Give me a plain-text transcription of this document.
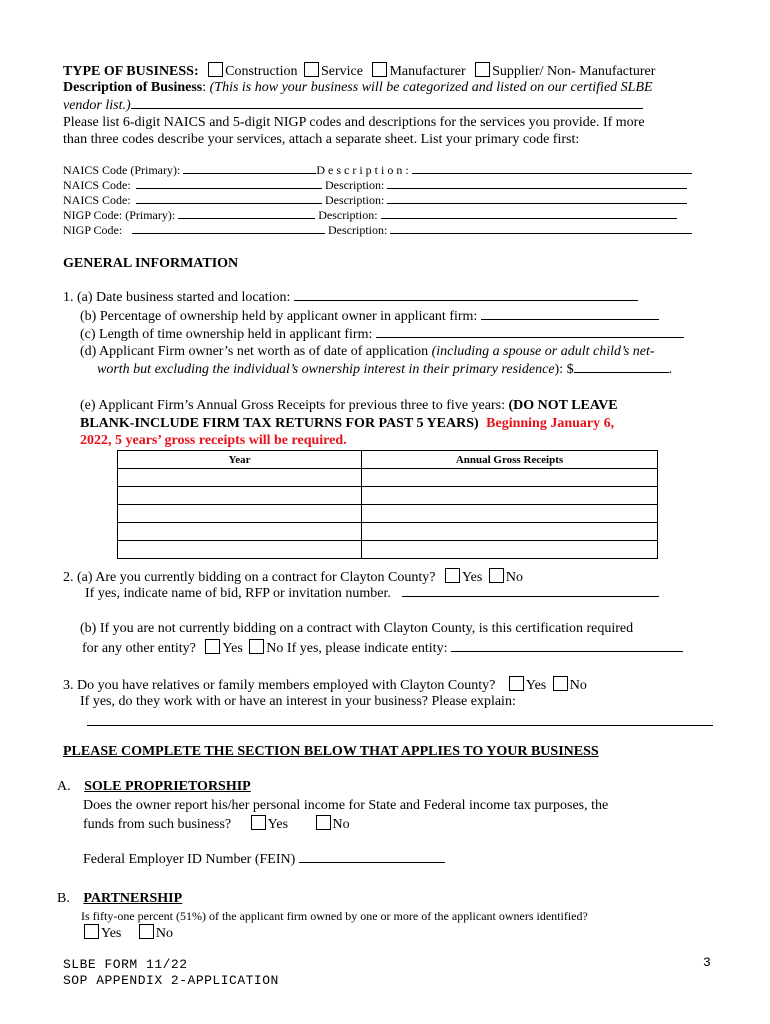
TYPE OF BUSINESS: Construction Service Manufacturer Supplier/ Non- Manufacturer
Description of Business: (This is how your business will be categorized and listed on our certified SLBE
vendor list.)
Please list 6-digit NAICS and 5-digit NIGP codes and descriptions for the services you provide. If more
than three codes describe your services, attach a separate sheet. List your primary code first:
NAICS Code (Primary):	D e s c r i p t i o n :
NAICS Code:	Description:
NAICS Code:	Description:
NIGP Code: (Primary):	Description:
NIGP Code:	Description:
GENERAL INFORMATION
1. (a) Date business started and location:
(b) Percentage of ownership held by applicant owner in applicant firm:
(c) Length of time ownership held in applicant firm:
(d) Applicant Firm owner’s net worth as of date of application (including a spouse or adult child’s net-
worth but excluding the individual’s ownership interest in their primary residence): $	.
(e) Applicant Firm’s Annual Gross Receipts for previous three to five years: (DO NOT LEAVE
BLANK-INCLUDE FIRM TAX RETURNS FOR PAST 5 YEARS) Beginning January 6,
2022, 5 years’ gross receipts will be required.
Year	Annual Gross Receipts

2. (a) Are you currently bidding on a contract for Clayton County? Yes No
If yes, indicate name of bid, RFP or invitation number.
(b) If you are not currently bidding on a contract with Clayton County, is this certification required
for any other entity? Yes No If yes, please indicate entity:
3. Do you have relatives or family members employed with Clayton County? Yes No
If yes, do they work with or have an interest in your business? Please explain:
PLEASE COMPLETE THE SECTION BELOW THAT APPLIES TO YOUR BUSINESS
A. SOLE PROPRIETORSHIP
Does the owner report his/her personal income for State and Federal income tax purposes, the
funds from such business?	Yes	No
Federal Employer ID Number (FEIN)
B. PARTNERSHIP
Is fifty-one percent (51%) of the applicant firm owned by one or more of the applicant owners identified?
Yes No
SLBE FORM 11/22
SOP APPENDIX 2-APPLICATION
3
